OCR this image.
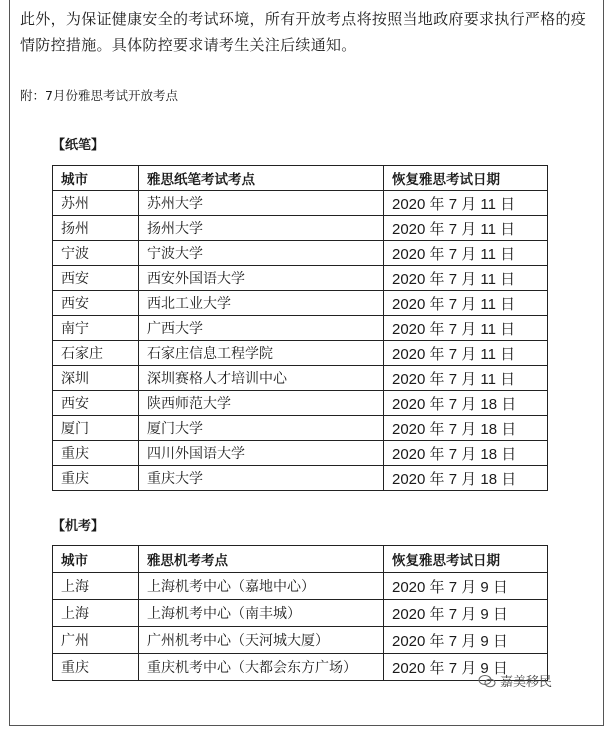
此外，为保证健康安全的考试环境，所有开放考点将按照当地政府要求执行严格的疫情防控措施。具体防控要求请考生关注后续通知。

附：7月份雅思考试开放考点
【纸笔】
城市	雅思纸笔考试考点	恢复雅思考试日期
苏州	苏州大学	2020 年 7 月 11 日
扬州	扬州大学	2020 年 7 月 11 日
宁波	宁波大学	2020 年 7 月 11 日
西安	西安外国语大学	2020 年 7 月 11 日
西安	西北工业大学	2020 年 7 月 11 日
南宁	广西大学	2020 年 7 月 11 日
石家庄	石家庄信息工程学院	2020 年 7 月 11 日
深圳	深圳赛格人才培训中心	2020 年 7 月 11 日
西安	陕西师范大学	2020 年 7 月 18 日
厦门	厦门大学	2020 年 7 月 18 日
重庆	四川外国语大学	2020 年 7 月 18 日
重庆	重庆大学	2020 年 7 月 18 日
【机考】
城市	雅思机考考点	恢复雅思考试日期
上海	上海机考中心（嘉地中心）	2020 年 7 月 9 日
上海	上海机考中心（南丰城）	2020 年 7 月 9 日
广州	广州机考中心（天河城大厦）	2020 年 7 月 9 日
重庆	重庆机考中心（大都会东方广场）	2020 年 7 月 9 日
嘉美移民
